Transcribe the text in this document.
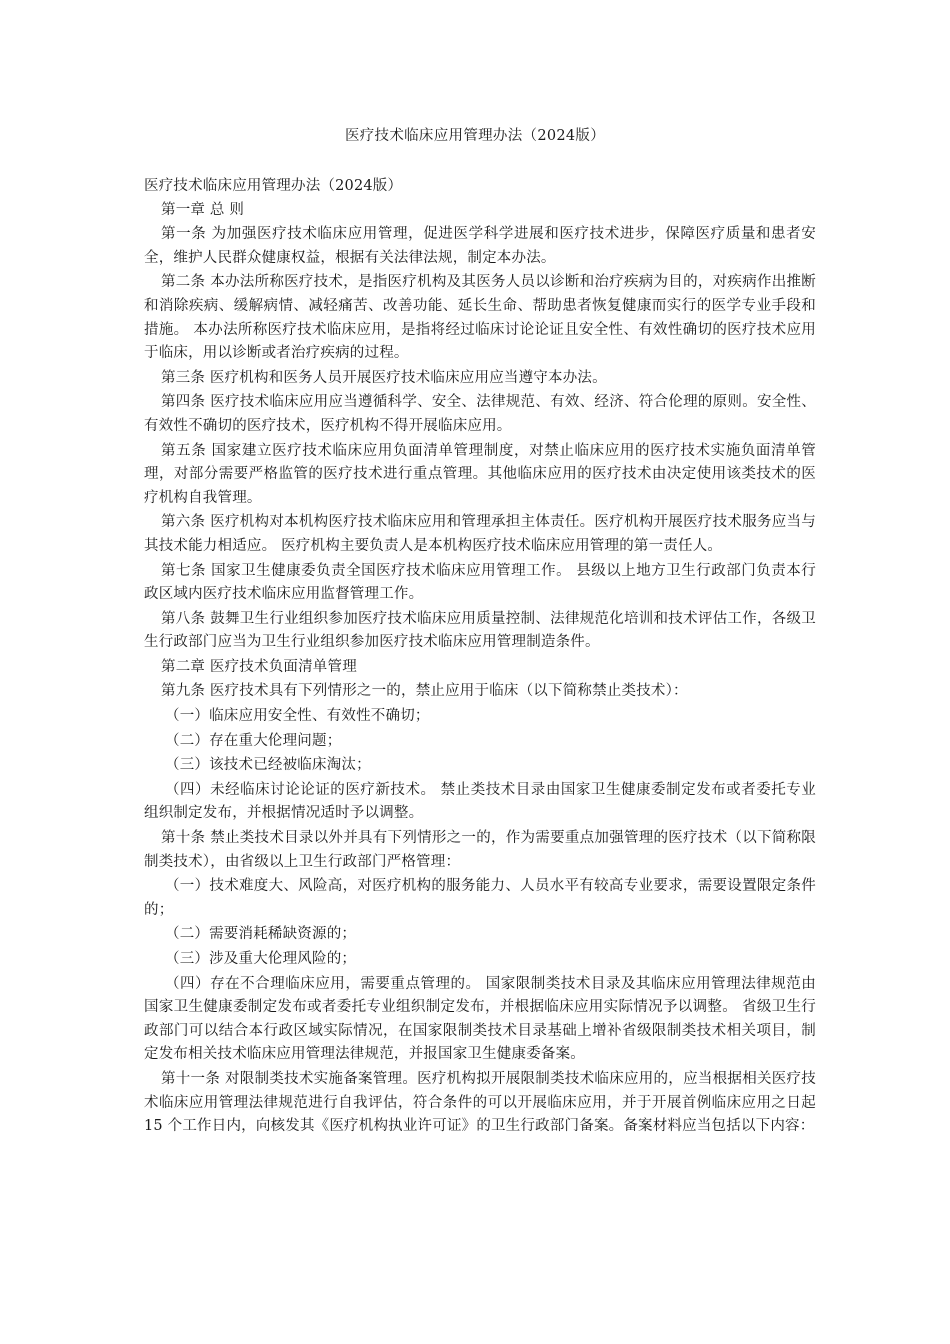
医疗技术临床应用管理办法（2024版）

医疗技术临床应用管理办法（2024版）

第一章 总 则

第一条 为加强医疗技术临床应用管理，促进医学科学进展和医疗技术进步，保障医疗质量和患者安全，维护人民群众健康权益，根据有关法律法规，制定本办法。

第二条 本办法所称医疗技术，是指医疗机构及其医务人员以诊断和治疗疾病为目的，对疾病作出推断和消除疾病、缓解病情、减轻痛苦、改善功能、延长生命、帮助患者恢复健康而实行的医学专业手段和措施。 本办法所称医疗技术临床应用，是指将经过临床讨论论证且安全性、有效性确切的医疗技术应用于临床，用以诊断或者治疗疾病的过程。

第三条 医疗机构和医务人员开展医疗技术临床应用应当遵守本办法。

第四条 医疗技术临床应用应当遵循科学、安全、法律规范、有效、经济、符合伦理的原则。安全性、有效性不确切的医疗技术，医疗机构不得开展临床应用。

第五条 国家建立医疗技术临床应用负面清单管理制度，对禁止临床应用的医疗技术实施负面清单管理，对部分需要严格监管的医疗技术进行重点管理。其他临床应用的医疗技术由决定使用该类技术的医疗机构自我管理。

第六条 医疗机构对本机构医疗技术临床应用和管理承担主体责任。医疗机构开展医疗技术服务应当与其技术能力相适应。 医疗机构主要负责人是本机构医疗技术临床应用管理的第一责任人。

第七条 国家卫生健康委负责全国医疗技术临床应用管理工作。 县级以上地方卫生行政部门负责本行政区域内医疗技术临床应用监督管理工作。

第八条 鼓舞卫生行业组织参加医疗技术临床应用质量控制、法律规范化培训和技术评估工作，各级卫生行政部门应当为卫生行业组织参加医疗技术临床应用管理制造条件。

第二章 医疗技术负面清单管理

第九条 医疗技术具有下列情形之一的，禁止应用于临床（以下简称禁止类技术）：

（一）临床应用安全性、有效性不确切；

（二）存在重大伦理问题；

（三）该技术已经被临床淘汰；

（四）未经临床讨论论证的医疗新技术。 禁止类技术目录由国家卫生健康委制定发布或者委托专业组织制定发布，并根据情况适时予以调整。

第十条 禁止类技术目录以外并具有下列情形之一的，作为需要重点加强管理的医疗技术（以下简称限制类技术），由省级以上卫生行政部门严格管理：

（一）技术难度大、风险高，对医疗机构的服务能力、人员水平有较高专业要求，需要设置限定条件的；

（二）需要消耗稀缺资源的；

（三）涉及重大伦理风险的；

（四）存在不合理临床应用，需要重点管理的。 国家限制类技术目录及其临床应用管理法律规范由国家卫生健康委制定发布或者委托专业组织制定发布，并根据临床应用实际情况予以调整。 省级卫生行政部门可以结合本行政区域实际情况，在国家限制类技术目录基础上增补省级限制类技术相关项目，制定发布相关技术临床应用管理法律规范，并报国家卫生健康委备案。

第十一条 对限制类技术实施备案管理。医疗机构拟开展限制类技术临床应用的，应当根据相关医疗技术临床应用管理法律规范进行自我评估，符合条件的可以开展临床应用，并于开展首例临床应用之日起 15 个工作日内，向核发其《医疗机构执业许可证》的卫生行政部门备案。备案材料应当包括以下内容：
